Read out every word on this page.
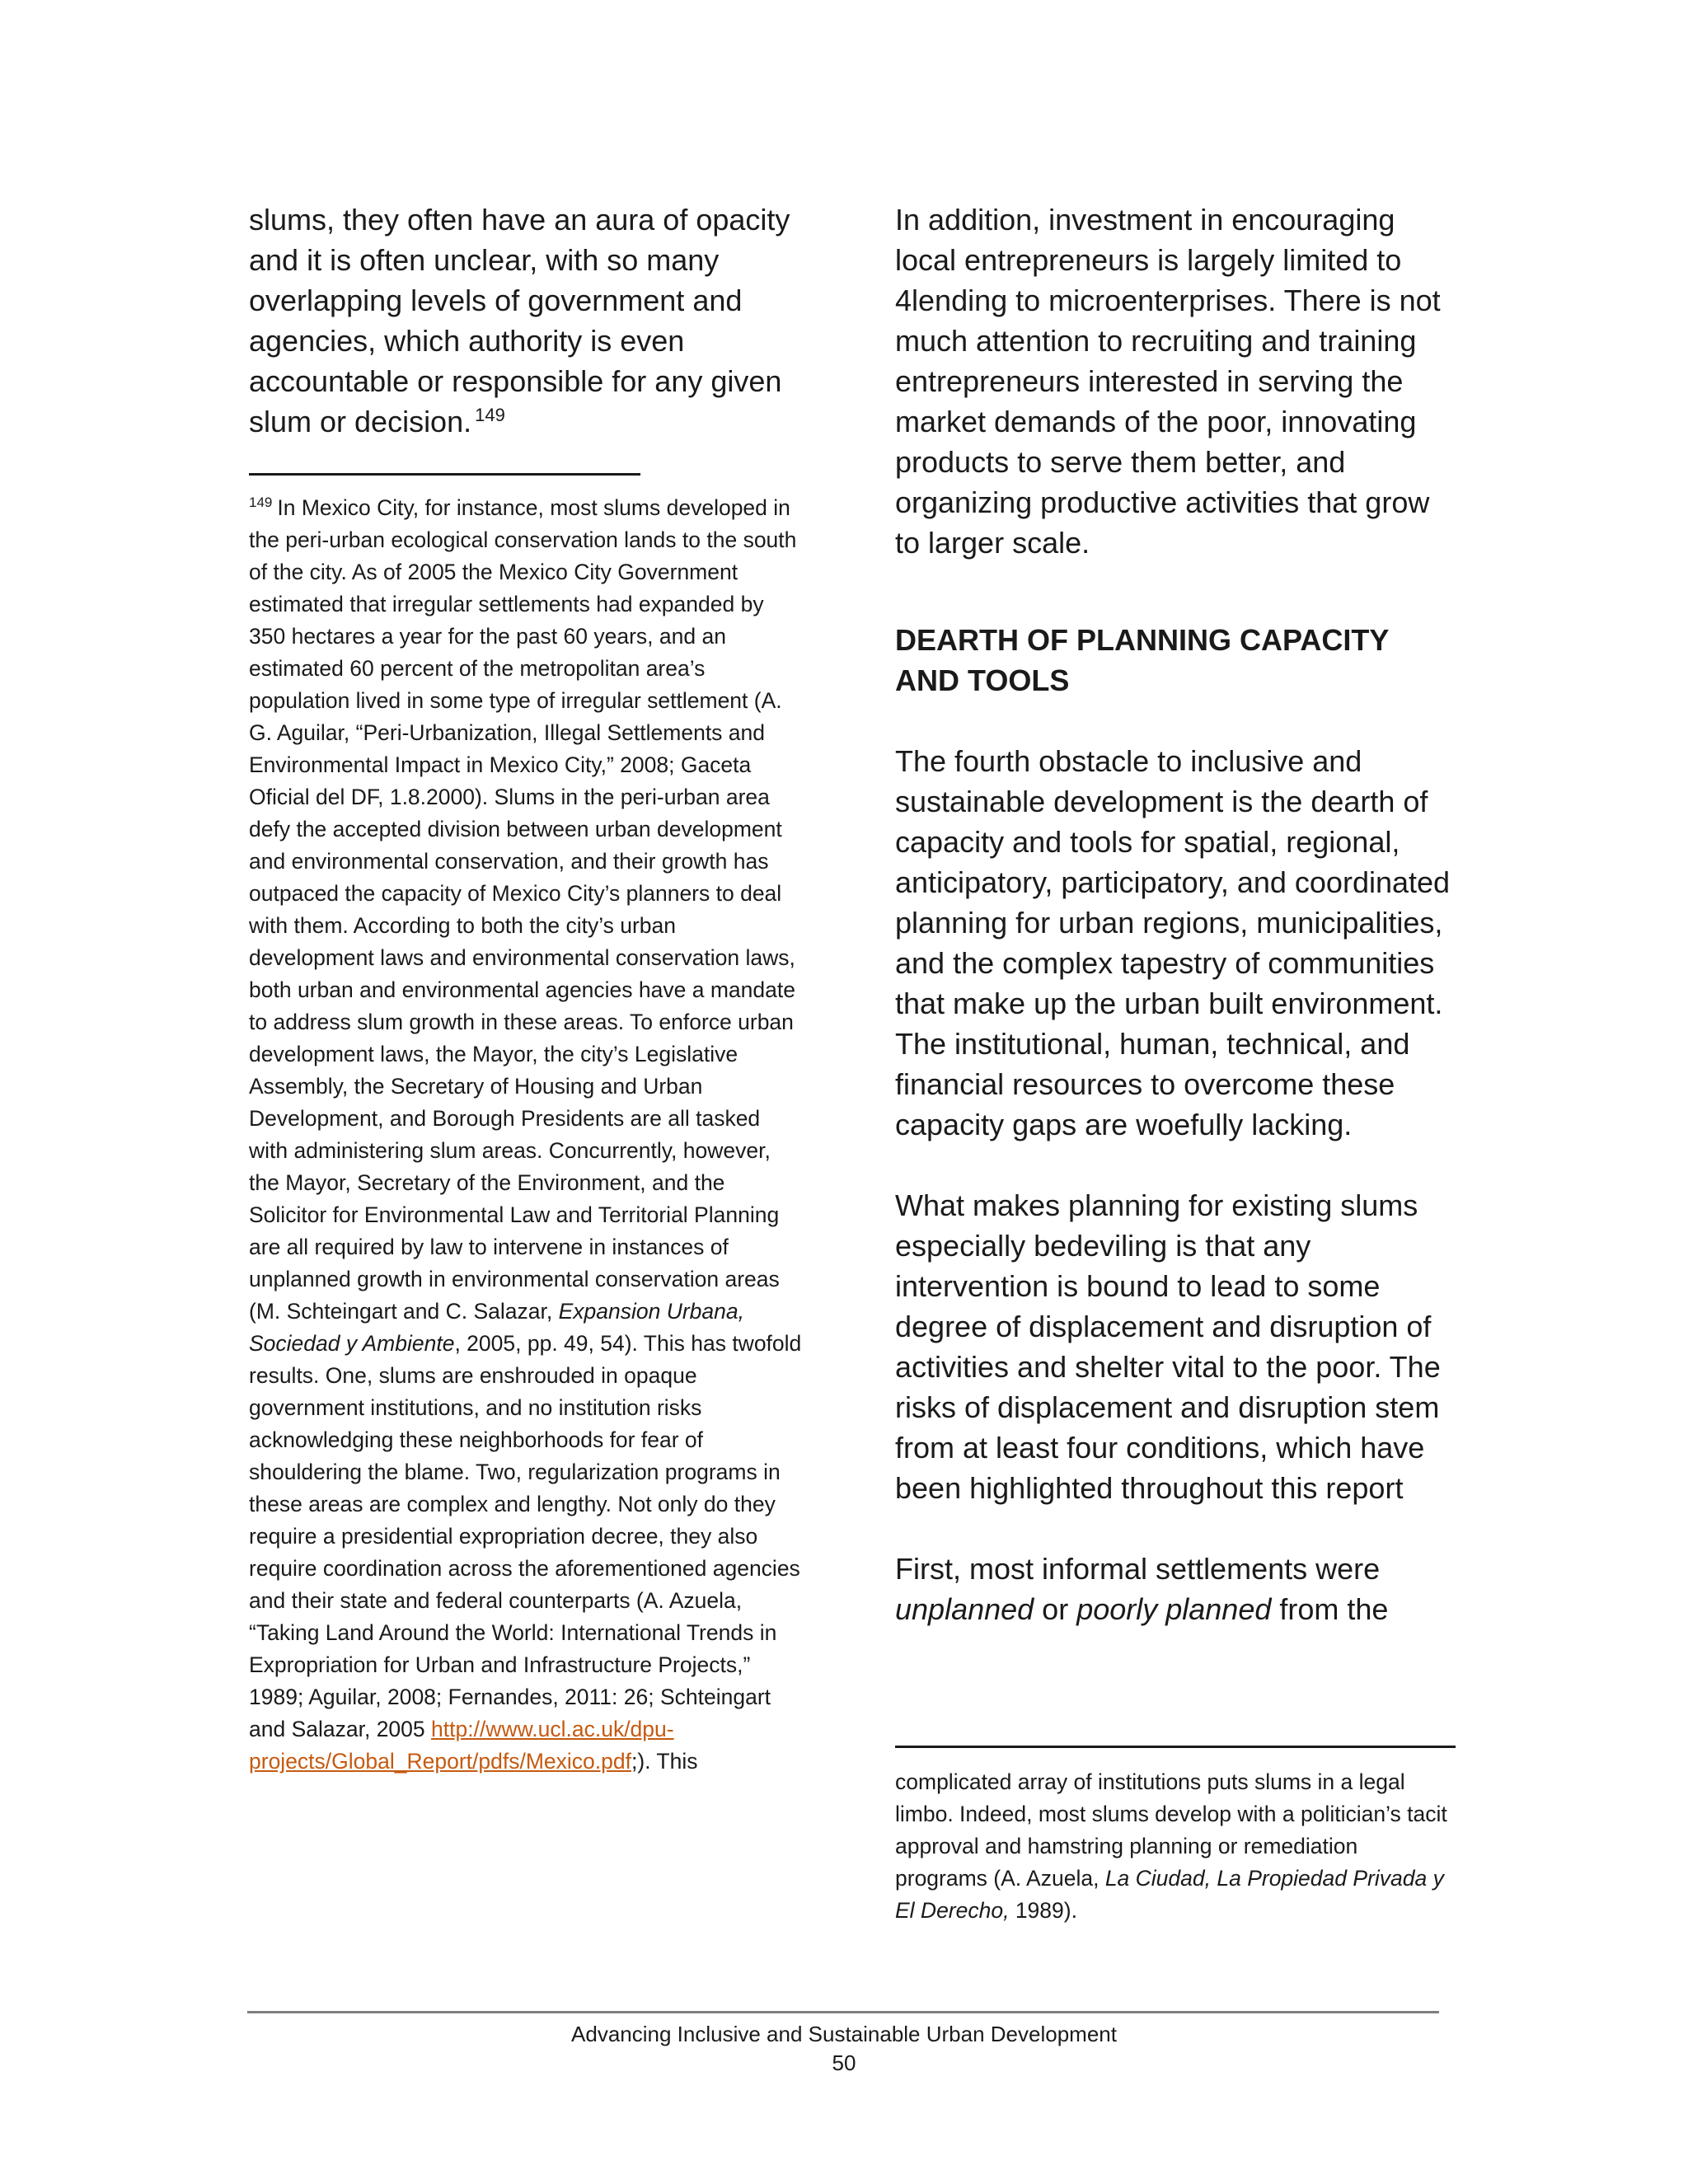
slums, they often have an aura of opacity and it is often unclear, with so many overlapping levels of government and agencies, which authority is even accountable or responsible for any given slum or decision. $^{149}$

$^{149}$ In Mexico City, for instance, most slums developed in the peri-urban ecological conservation lands to the south of the city. As of 2005 the Mexico City Government estimated that irregular settlements had expanded by 350 hectares a year for the past 60 years, and an estimated 60 percent of the metropolitan area’s population lived in some type of irregular settlement (A. G. Aguilar, “Peri-Urbanization, Illegal Settlements and Environmental Impact in Mexico City,” 2008; Gaceta Oficial del DF, 1.8.2000). Slums in the peri-urban area defy the accepted division between urban development and environmental conservation, and their growth has outpaced the capacity of Mexico City’s planners to deal with them. According to both the city’s urban development laws and environmental conservation laws, both urban and environmental agencies have a mandate to address slum growth in these areas. To enforce urban development laws, the Mayor, the city’s Legislative Assembly, the Secretary of Housing and Urban Development, and Borough Presidents are all tasked with administering slum areas. Concurrently, however, the Mayor, Secretary of the Environment, and the Solicitor for Environmental Law and Territorial Planning are all required by law to intervene in instances of unplanned growth in environmental conservation areas (M. Schteingart and C. Salazar, Expansion Urbana, Sociedad y Ambiente, 2005, pp. 49, 54). This has twofold results. One, slums are enshrouded in opaque government institutions, and no institution risks acknowledging these neighborhoods for fear of shouldering the blame. Two, regularization programs in these areas are complex and lengthy. Not only do they require a presidential expropriation decree, they also require coordination across the aforementioned agencies and their state and federal counterparts (A. Azuela, “Taking Land Around the World: International Trends in Expropriation for Urban and Infrastructure Projects,” 1989; Aguilar, 2008; Fernandes, 2011: 26; Schteingart and Salazar, 2005 http://www.ucl.ac.uk/dpu-projects/Global_Report/pdfs/Mexico.pdf;). This

In addition, investment in encouraging local entrepreneurs is largely limited to 4lending to microenterprises. There is not much attention to recruiting and training entrepreneurs interested in serving the market demands of the poor, innovating products to serve them better, and organizing productive activities that grow to larger scale.

DEARTH OF PLANNING CAPACITY AND TOOLS

The fourth obstacle to inclusive and sustainable development is the dearth of capacity and tools for spatial, regional, anticipatory, participatory, and coordinated planning for urban regions, municipalities, and the complex tapestry of communities that make up the urban built environment. The institutional, human, technical, and financial resources to overcome these capacity gaps are woefully lacking.

What makes planning for existing slums especially bedeviling is that any intervention is bound to lead to some degree of displacement and disruption of activities and shelter vital to the poor. The risks of displacement and disruption stem from at least four conditions, which have been highlighted throughout this report

First, most informal settlements were unplanned or poorly planned from the

complicated array of institutions puts slums in a legal limbo. Indeed, most slums develop with a politician’s tacit approval and hamstring planning or remediation programs (A. Azuela, La Ciudad, La Propiedad Privada y El Derecho, 1989).

Advancing Inclusive and Sustainable Urban Development
50
